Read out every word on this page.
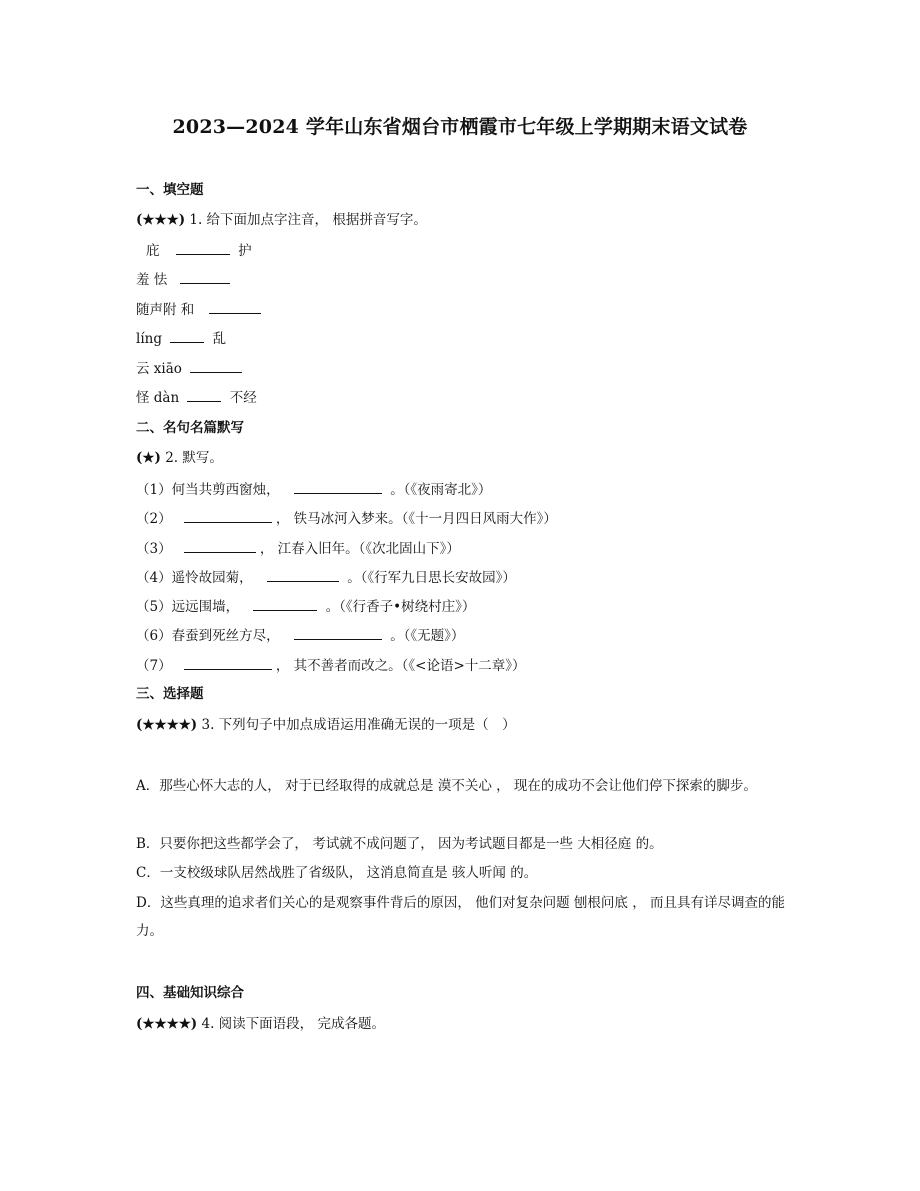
2023—2024 学年山东省烟台市栖霞市七年级上学期期末语文试卷
一、填空题
(★★★) 1. 给下面加点字注音， 根据拼音写字。
庇	护
羞 怯
随声附 和
líng	乱
云 xiāo
怪 dàn	不经
二、名句名篇默写
(★) 2. 默写。
（1）何当共剪西窗烛，	。（《夜雨寄北》）
（2）	， 铁马冰河入梦来。（《十一月四日风雨大作》）
（3）	， 江春入旧年。（《次北固山下》）
（4）遥怜故园菊，	。（《行军九日思长安故园》）
（5）远远围墙，	。（《行香子•树绕村庄》）
（6）春蚕到死丝方尽，	。（《无题》）
（7）	， 其不善者而改之。（《<论语>十二章》）
三、选择题
(★★★★) 3. 下列句子中加点成语运用准确无误的一项是（　）
A．那些心怀大志的人， 对于已经取得的成就总是 漠不关心 ， 现在的成功不会让他们停下探索的脚步。
B．只要你把这些都学会了， 考试就不成问题了， 因为考试题目都是一些 大相径庭 的。
C．一支校级球队居然战胜了省级队， 这消息简直是 骇人听闻 的。
D．这些真理的追求者们关心的是观察事件背后的原因， 他们对复杂问题 刨根问底 ， 而且具有详尽调查的能力。
四、基础知识综合
(★★★★) 4. 阅读下面语段， 完成各题。
